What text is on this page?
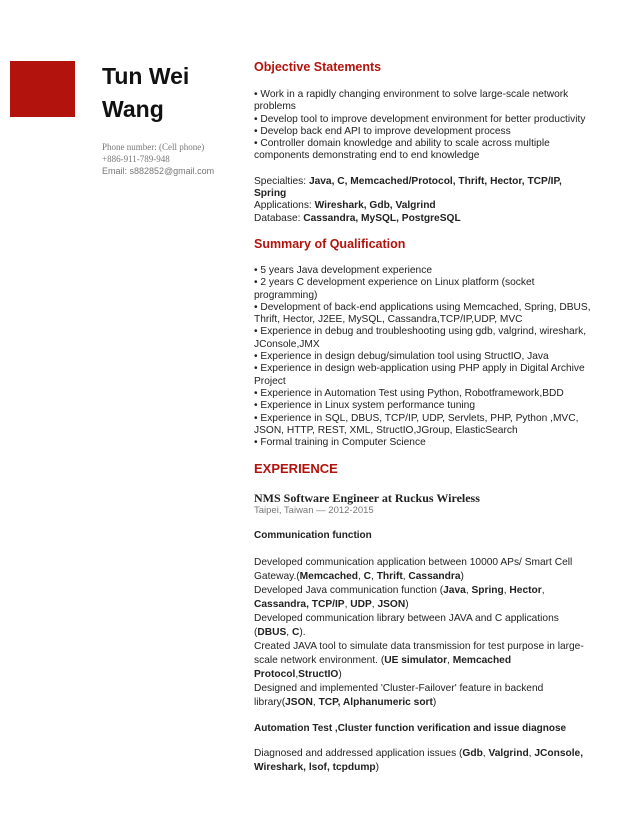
Tun Wei
Wang
Phone number: (Cell phone)
+886-911-789-948
Email: s882852@gmail.com
Objective Statements
• Work in a rapidly changing environment to solve large-scale network problems
• Develop tool to improve development environment for better productivity
• Develop back end API to improve development process
• Controller domain knowledge and ability to scale across multiple components demonstrating end to end knowledge
Specialties: Java, C, Memcached/Protocol, Thrift, Hector, TCP/IP, Spring
Applications: Wireshark, Gdb, Valgrind
Database: Cassandra, MySQL, PostgreSQL
Summary of Qualification
• 5 years Java development experience
• 2 years C development experience on Linux platform (socket programming)
• Development of back-end applications using Memcached, Spring, DBUS, Thrift, Hector, J2EE, MySQL, Cassandra,TCP/IP,UDP, MVC
• Experience in debug and troubleshooting using gdb, valgrind, wireshark, JConsole,JMX
• Experience in design debug/simulation tool using StructIO, Java
• Experience in design web-application using PHP apply in Digital Archive Project
• Experience in Automation Test using Python, Robotframework,BDD
• Experience in Linux system performance tuning
• Experience in SQL, DBUS, TCP/IP, UDP, Servlets, PHP, Python ,MVC, JSON, HTTP, REST, XML, StructIO,JGroup, ElasticSearch
• Formal training in Computer Science
EXPERIENCE
NMS Software Engineer at Ruckus Wireless
Taipei, Taiwan — 2012-2015
Communication function

Developed communication application between 10000 APs/ Smart Cell Gateway.(Memcached, C, Thrift, Cassandra)

Developed Java communication function (Java, Spring, Hector, Cassandra, TCP/IP, UDP, JSON)

Developed communication library between JAVA and C applications (DBUS, C).

Created JAVA tool to simulate data transmission for test purpose in large-scale network environment. (UE simulator, Memcached Protocol,StructIO)

Designed and implemented 'Cluster-Failover' feature in backend library(JSON, TCP, Alphanumeric sort)

Automation Test ,Cluster function verification and issue diagnose

Diagnosed and addressed application issues (Gdb, Valgrind, JConsole, Wireshark, lsof, tcpdump)
